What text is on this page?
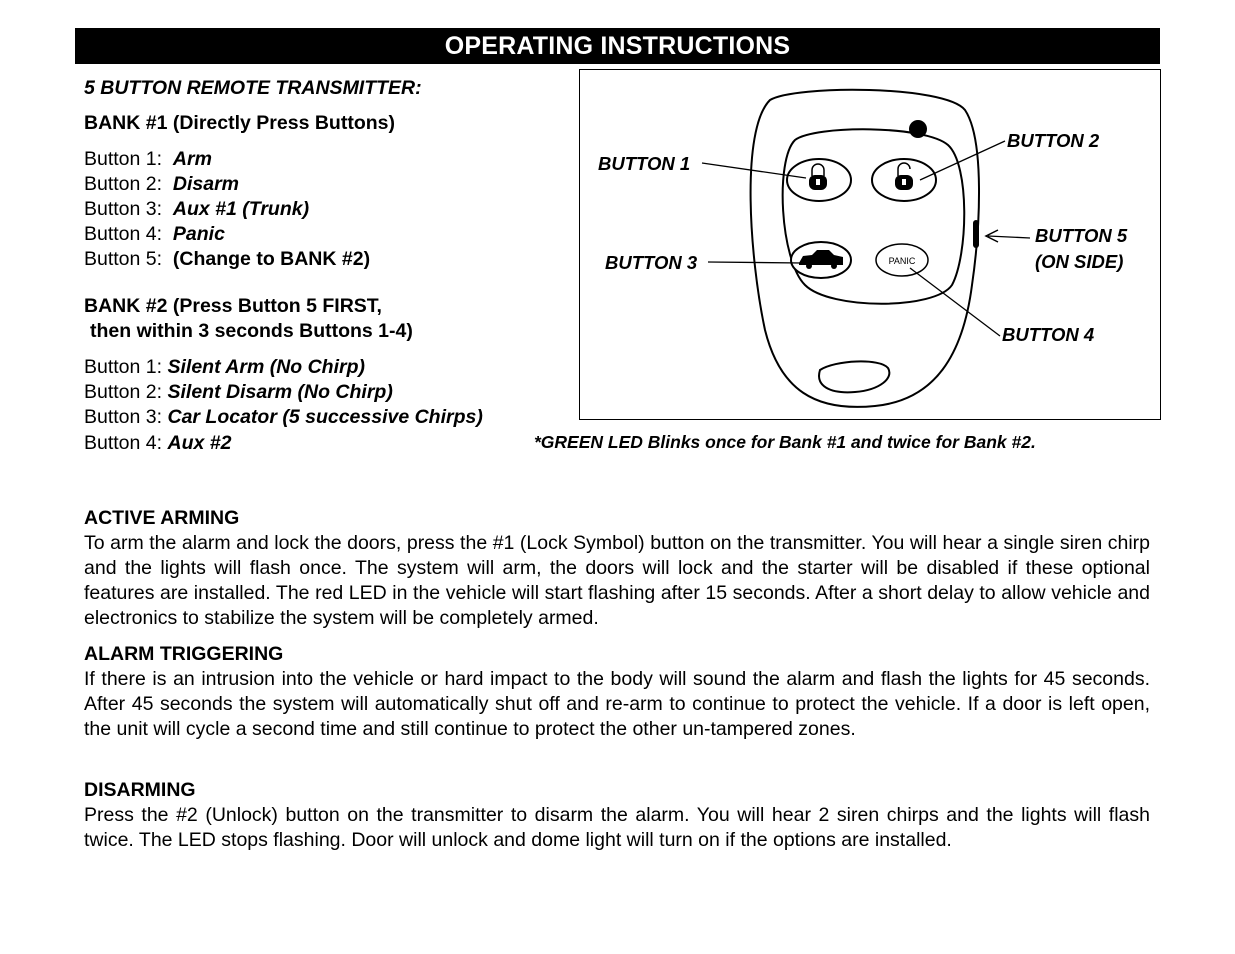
OPERATING INSTRUCTIONS
5 BUTTON REMOTE TRANSMITTER:
BANK #1 (Directly Press Buttons)
Button 1: Arm
Button 2: Disarm
Button 3: Aux #1 (Trunk)
Button 4: Panic
Button 5: (Change to BANK #2)
BANK #2 (Press Button 5 FIRST,
then within 3 seconds Buttons 1-4)
Button 1: Silent Arm (No Chirp)
Button 2: Silent Disarm (No Chirp)
Button 3: Car Locator (5 successive Chirps)
Button 4: Aux #2
PANIC
BUTTON 1
BUTTON 2
BUTTON 3
BUTTON 4
BUTTON 5
(ON SIDE)
*GREEN LED Blinks once for Bank #1 and twice for Bank #2.
ACTIVE ARMING
To arm the alarm and lock the doors, press the #1 (Lock Symbol) button on the transmitter. You will hear a single siren chirp and the lights will flash once. The system will arm, the doors will lock and the starter will be disabled if these optional features are installed. The red LED in the vehicle will start flashing after 15 seconds. After a short delay to allow vehicle and electronics to stabilize the system will be completely armed.
ALARM TRIGGERING
If there is an intrusion into the vehicle or hard impact to the body will sound the alarm and flash the lights for 45 seconds. After 45 seconds the system will automatically shut off and re-arm to continue to protect the vehicle. If a door is left open, the unit will cycle a second time and still continue to protect the other un-tampered zones.
DISARMING
Press the #2 (Unlock) button on the transmitter to disarm the alarm. You will hear 2 siren chirps and the lights will flash twice. The LED stops flashing. Door will unlock and dome light will turn on if the options are installed.
